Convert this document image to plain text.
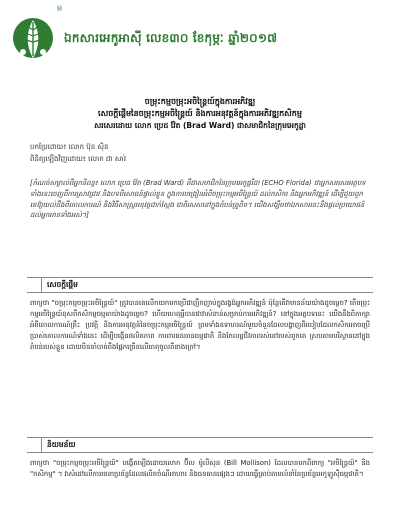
®
ឯកសារអេកូអាស៊ី លេខ៣០ ខែកុម្ភៈ ឆ្នាំ២០១៧
ចម្រុះកម្មចម្រុះអចិន្ត្រៃយ៍ក្នុងការអភិវឌ្ឍ
សេចក្ដីផ្ដើមនៃចម្រុះកម្មអចិន្ត្រៃយ៍ និងការអនុវត្តន៍ក្នុងការអភិវឌ្ឍកសិកម្ម
សរសេរដោយ លោក ប្រេដ វ៉ែត (Brad Ward) ជាសមាជិកនៃក្រុមអេកូដ្លា
បកប្រែដោយ៖ លោក ប៊ុន ស៊ិន
ពិនិត្យឡើងវិញដោយ៖ លោក ជា សាវ់
[កំណត់សម្គាល់ពីអ្នកនិពន្ធ៖ លោក ប្រេដ វ៉ែត (Brad Ward) គឺជាសមាជិកនៃក្រុមអេកូផ្លរីដា (ECHO Florida) ជាអ្នកសរសេរអត្ថបទទាំងនេះចេញពីការស្រាវជ្រាវ និងបទពិសោធន៍ផ្ទាល់ខ្លួន ក្នុងការបង្រៀនអំពីចម្រុះកម្មអចិន្ត្រៃយ៍ ដល់កសិករ និងអ្នកអភិវឌ្ឍន៍ ដើម្បីជួយពួកគេឱ្យយល់ដឹងពីគោលការណ៍ និងវិធីសាស្ត្រអនុវត្តជាក់ស្ដែង ជាពិសេសនៅក្នុងតំបន់ត្រូពិច។ យើងសង្ឃឹមថាឯកសារនេះនឹងផ្ដល់ប្រយោជន៍ដល់អ្នកអានទាំងអស់។]
សេចក្ដីផ្ដើម
ពាក្យថា "ចម្រុះកម្មចម្រុះអចិន្ត្រៃយ៍" ត្រូវបានគេលើកយកមកប្រើជាញឹកញាប់ក្នុងរង្វង់អ្នកអភិវឌ្ឍន៍ ប៉ុន្តែតើវាមានន័យយ៉ាងដូចម្ដេច? តើចម្រុះកម្មអចិន្ត្រៃយ៍ខុសពីកសិកម្មធម្មតាយ៉ាងដូចម្ដេច? ហើយហេតុអ្វីបានជាវាសំខាន់សម្រាប់ការអភិវឌ្ឍន៍? នៅក្នុងអត្ថបទនេះ យើងនឹងពិភាក្សាអំពីគោលការណ៍គ្រឹះ ប្រវត្តិ និងការអនុវត្តន៍នៃចម្រុះកម្មអចិន្ត្រៃយ៍ ព្រមទាំងឧទាហរណ៍មួយចំនួនដែលបង្ហាញពីរបៀបដែលកសិករអាចប្រើប្រាស់គោលការណ៍ទាំងនេះ ដើម្បីបង្កើនផលិតភាព ការពារធនធានធម្មជាតិ និងកែលម្អជីវភាពរស់នៅរបស់ពួកគេ ស្របតាមបរិស្ថាននៅក្នុងតំបន់របស់ខ្លួន ដោយមិនចាំបាច់ពឹងផ្អែកច្រើនលើធាតុចូលពីខាងក្រៅ។
និយមន័យ
ពាក្យថា "ចម្រុះកម្មចម្រុះអចិន្ត្រៃយ៍" បង្កើតឡើងដោយលោក ប៊ីល ម៉ូលីសុន (Bill Mollison) ដែលបានមកពីពាក្យ "អចិន្ត្រៃយ៍" និង "កសិកម្ម" ។ វាសំដៅលើការរចនាប្រព័ន្ធដែលផលិតចំណីអាហារ និងធនធានផ្សេងៗ ដោយធ្វើត្រាប់តាមលំនាំនៃប្រព័ន្ធអេកូឡូស៊ីធម្មជាតិ។
